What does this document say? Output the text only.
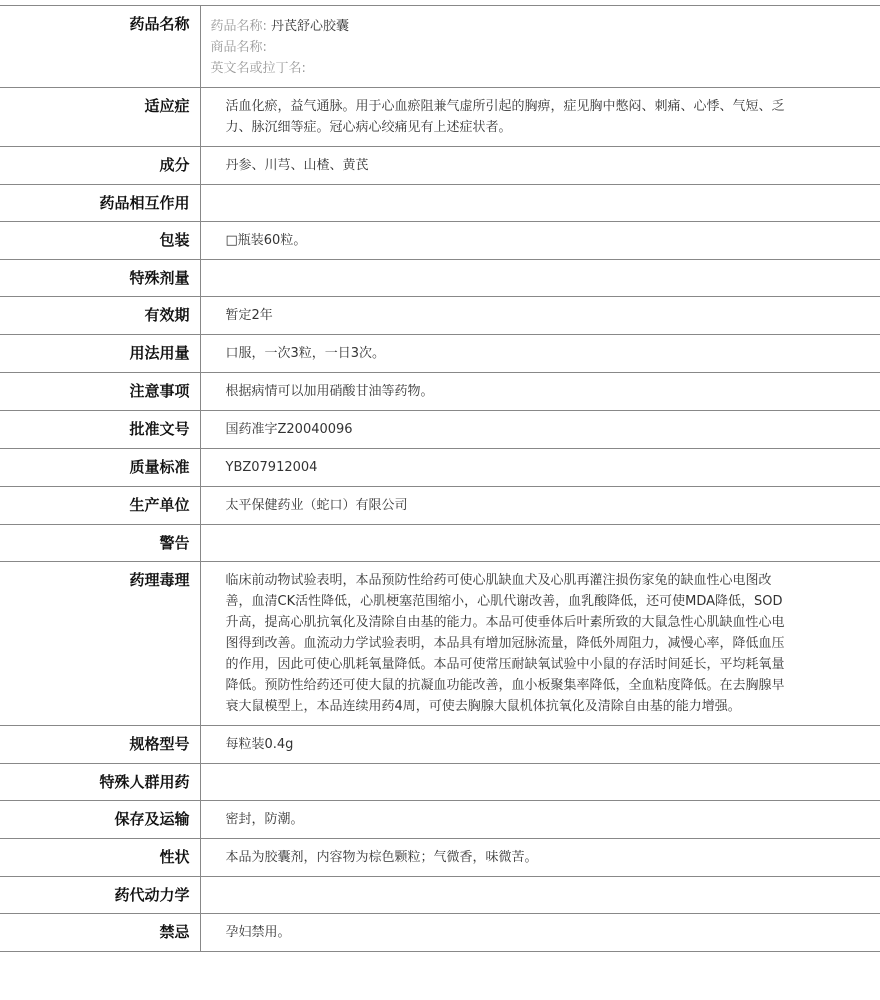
药品名称	药品名称: 丹芪舒心胶囊
商品名称:
英文名或拉丁名:

适应症	活血化瘀，益气通脉。用于心血瘀阻兼气虚所引起的胸痹，症见胸中憋闷、刺痛、心悸、气短、乏力、脉沉细等症。冠心病心绞痛见有上述症状者。
成分	丹参、川芎、山楂、黄芪
药品相互作用	
包装	□瓶装60粒。
特殊剂量	
有效期	暂定2年
用法用量	口服，一次3粒，一日3次。
注意事项	根据病情可以加用硝酸甘油等药物。
批准文号	国药准字Z20040096
质量标准	YBZ07912004
生产单位	太平保健药业（蛇口）有限公司
警告	
药理毒理	临床前动物试验表明，本品预防性给药可使心肌缺血犬及心肌再灌注损伤家兔的缺血性心电图改善，血清CK活性降低，心肌梗塞范围缩小，心肌代谢改善，血乳酸降低，还可使MDA降低，SOD升高，提高心肌抗氧化及清除自由基的能力。本品可使垂体后叶素所致的大鼠急性心肌缺血性心电图得到改善。血流动力学试验表明，本品具有增加冠脉流量，降低外周阻力，减慢心率，降低血压的作用，因此可使心肌耗氧量降低。本品可使常压耐缺氧试验中小鼠的存活时间延长，平均耗氧量降低。预防性给药还可使大鼠的抗凝血功能改善，血小板聚集率降低，全血粘度降低。在去胸腺早衰大鼠模型上，本品连续用药4周，可使去胸腺大鼠机体抗氧化及清除自由基的能力增强。
规格型号	每粒装0.4g
特殊人群用药	
保存及运输	密封，防潮。
性状	本品为胶囊剂，内容物为棕色颗粒；气微香，味微苦。
药代动力学	
禁忌	孕妇禁用。
